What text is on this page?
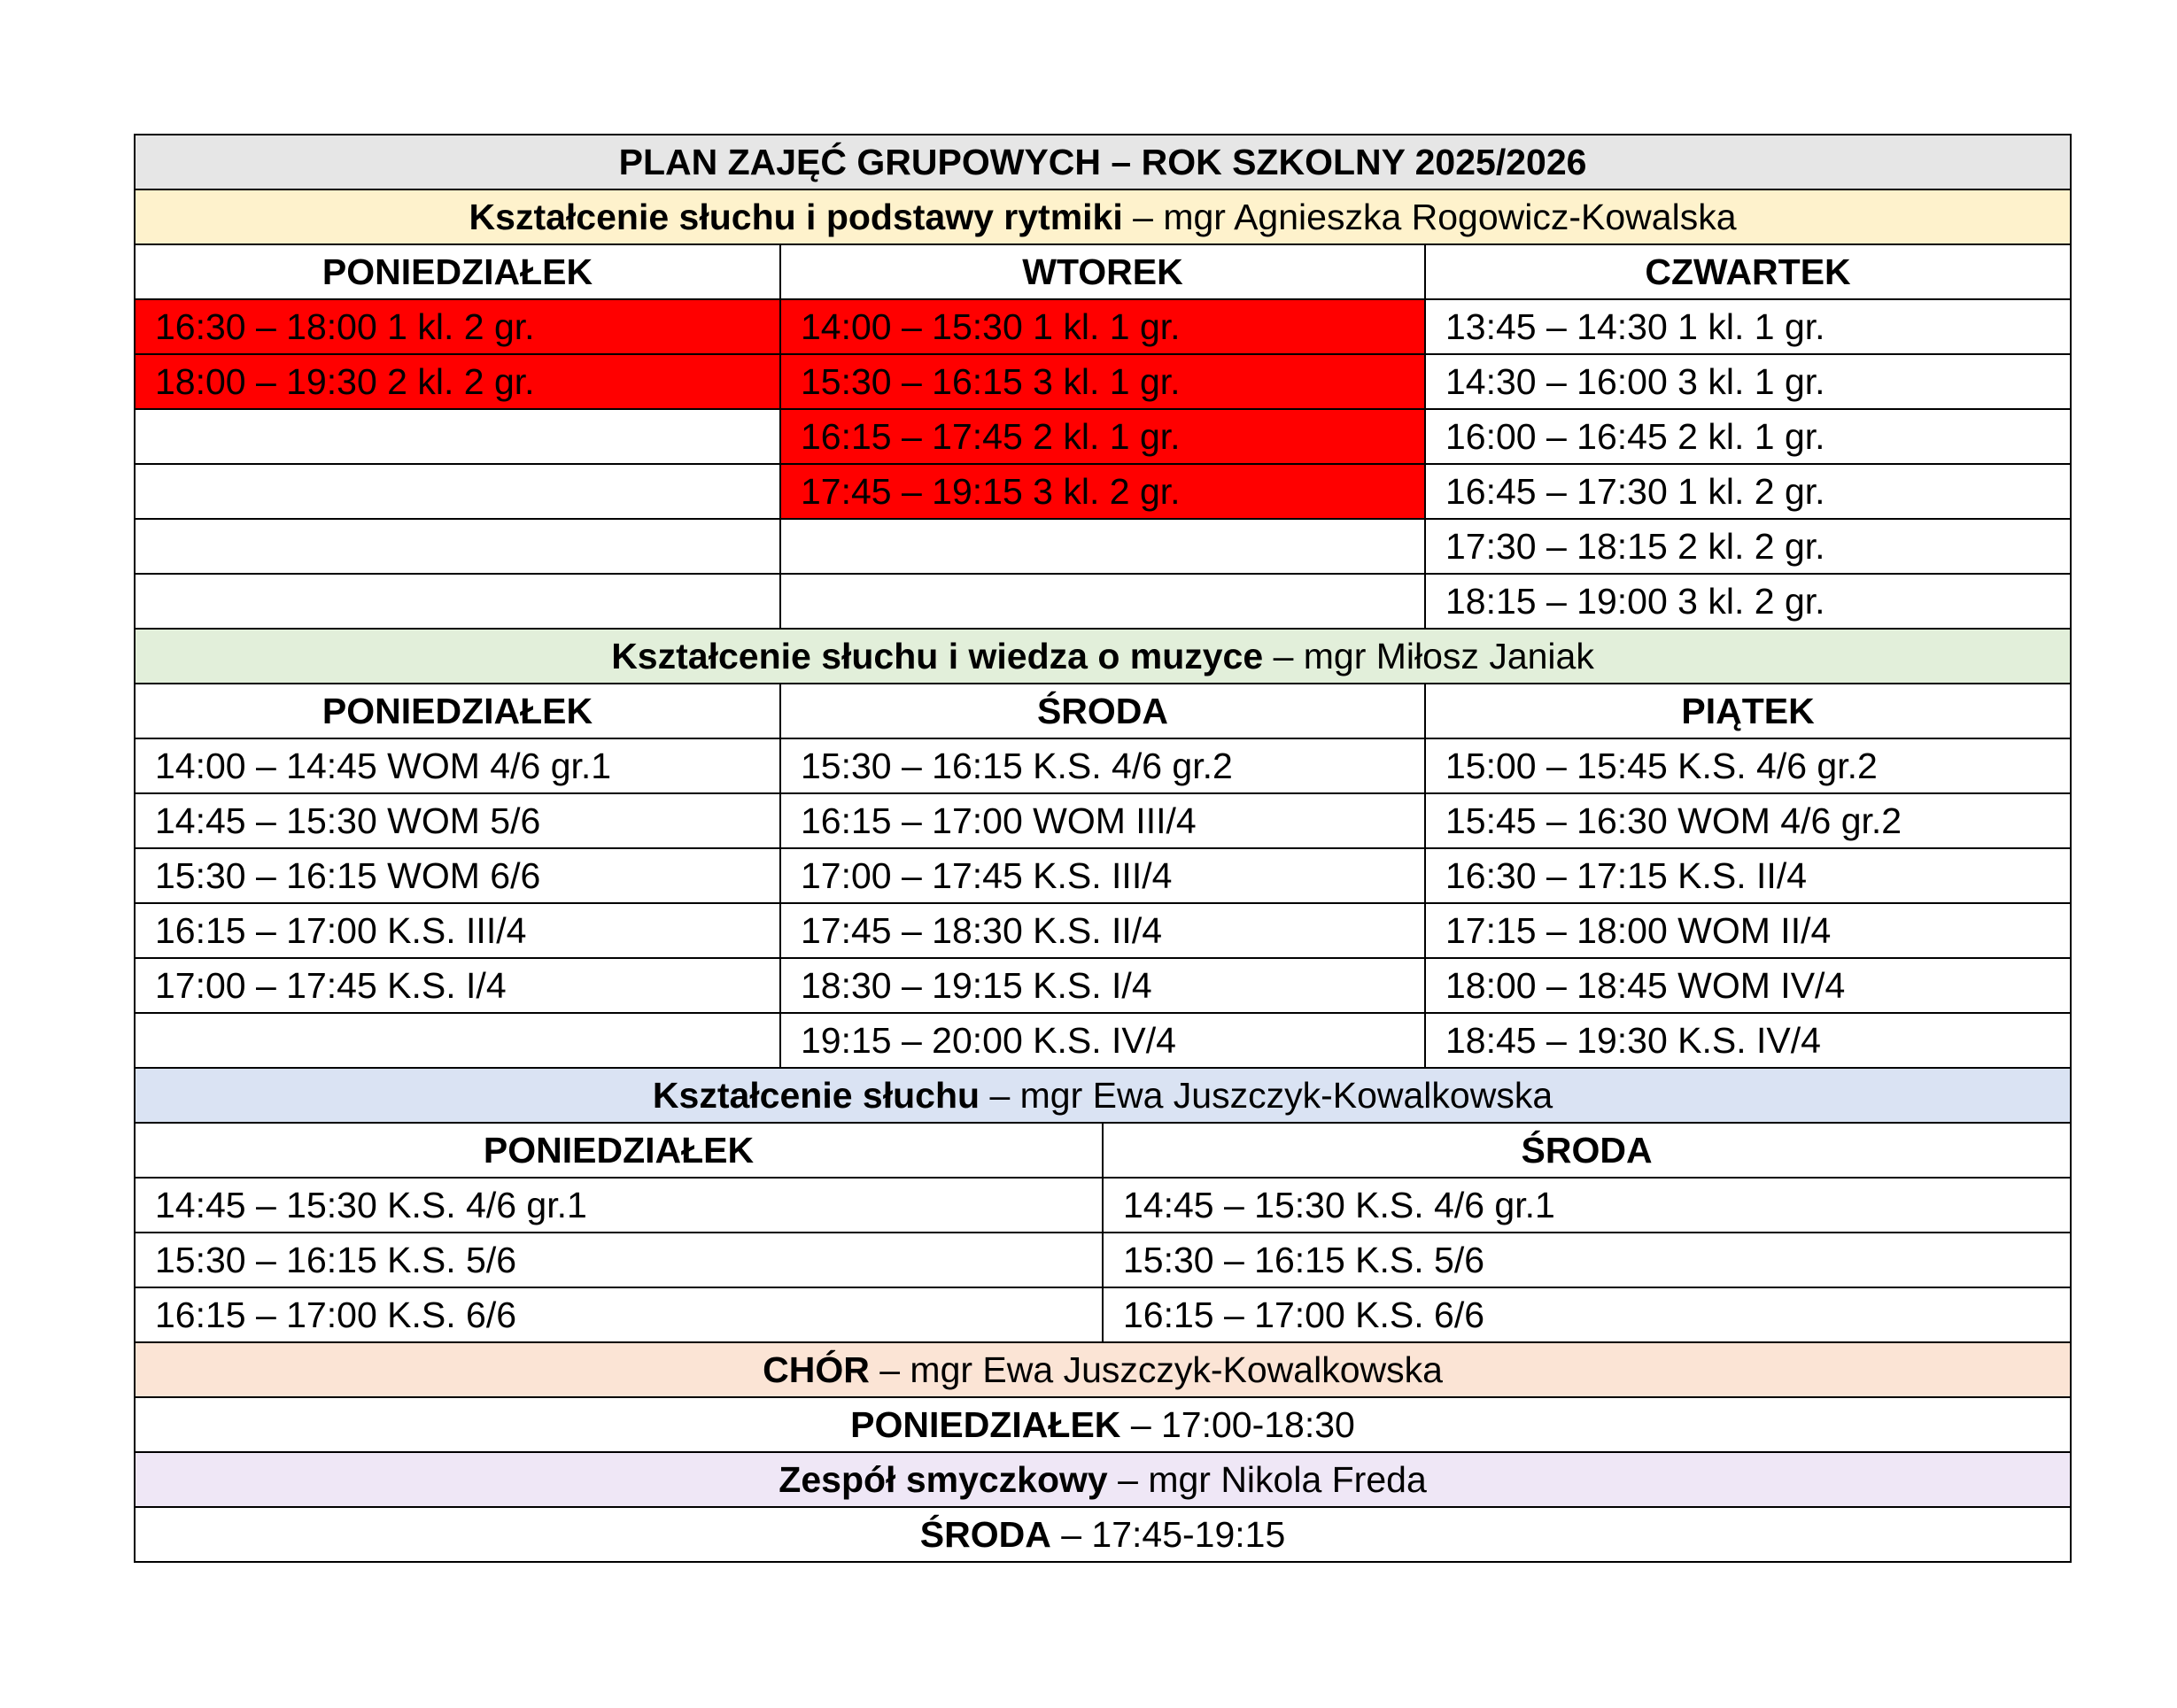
PLAN ZAJĘĆ GRUPOWYCH – ROK SZKOLNY 2025/2026			
Kształcenie słuchu i podstawy rytmiki – mgr Agnieszka Rogowicz-Kowalska			
PONIEDZIAŁEK	WTOREK		CZWARTEK
16:30 – 18:00 1 kl. 2 gr.	14:00 – 15:30 1 kl. 1 gr.		13:45 – 14:30 1 kl. 1 gr.
18:00 – 19:30 2 kl. 2 gr.	15:30 – 16:15 3 kl. 1 gr.		14:30 – 16:00 3 kl. 1 gr.
	16:15 – 17:45 2 kl. 1 gr.		16:00 – 16:45 2 kl. 1 gr.
	17:45 – 19:15 3 kl. 2 gr.		16:45 – 17:30 1 kl. 2 gr.
			17:30 – 18:15 2 kl. 2 gr.
			18:15 – 19:00 3 kl. 2 gr.
Kształcenie słuchu i wiedza o muzyce – mgr Miłosz Janiak			
PONIEDZIAŁEK	ŚRODA		PIĄTEK
14:00 – 14:45 WOM 4/6 gr.1	15:30 – 16:15 K.S. 4/6 gr.2		15:00 – 15:45 K.S. 4/6 gr.2
14:45 – 15:30 WOM 5/6	16:15 – 17:00 WOM III/4		15:45 – 16:30 WOM 4/6 gr.2
15:30 – 16:15 WOM 6/6	17:00 – 17:45 K.S. III/4		16:30 – 17:15 K.S. II/4
16:15 – 17:00 K.S. III/4	17:45 – 18:30 K.S. II/4		17:15 – 18:00 WOM II/4
17:00 – 17:45 K.S. I/4	18:30 – 19:15 K.S. I/4		18:00 – 18:45 WOM IV/4
	19:15 – 20:00 K.S. IV/4		18:45 – 19:30 K.S. IV/4
Kształcenie słuchu – mgr Ewa Juszczyk-Kowalkowska			
PONIEDZIAŁEK		ŚRODA	
14:45 – 15:30 K.S. 4/6 gr.1		14:45 – 15:30 K.S. 4/6 gr.1	
15:30 – 16:15 K.S. 5/6		15:30 – 16:15 K.S. 5/6	
16:15 – 17:00 K.S. 6/6		16:15 – 17:00 K.S. 6/6	
CHÓR – mgr Ewa Juszczyk-Kowalkowska			
PONIEDZIAŁEK – 17:00-18:30			
Zespół smyczkowy – mgr Nikola Freda			
ŚRODA – 17:45-19:15			
